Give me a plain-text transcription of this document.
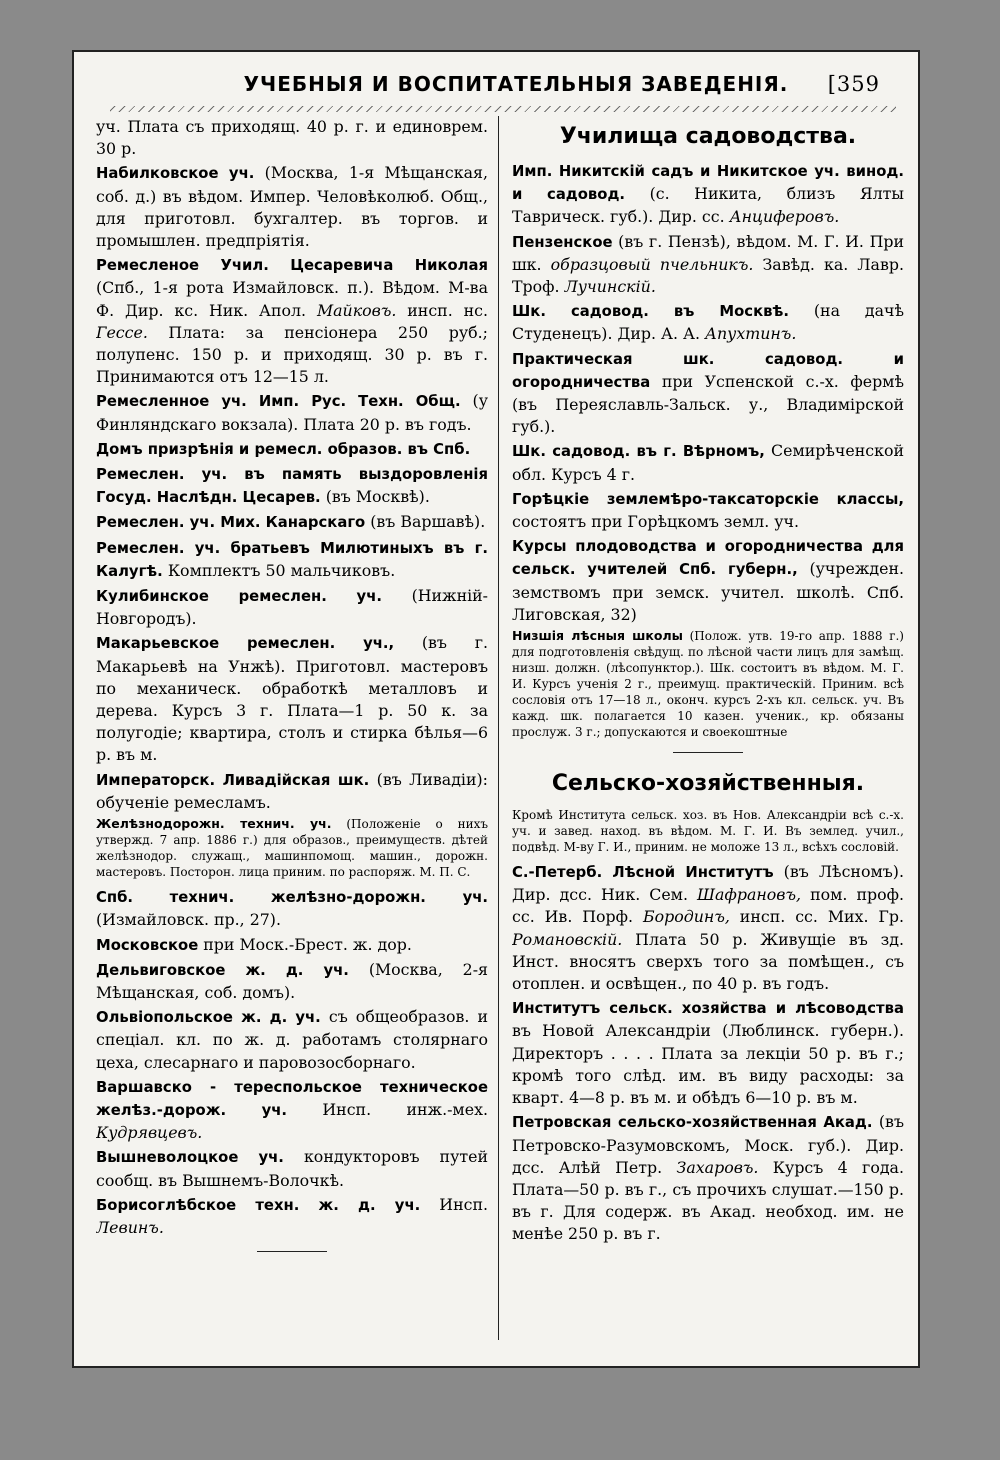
УЧЕБНЫЯ И ВОСПИТАТЕЛЬНЫЯ ЗАВЕДЕНІЯ. [359
уч. Плата съ приходящ. 40 р. г. и единоврем. 30 р.
Набилковское уч. (Москва, 1-я Мѣщанская, соб. д.) въ вѣдом. Импер. Человѣколюб. Общ., для приготовл. бухгалтер. въ торгов. и промышлен. предпріятія.
Ремесленое Учил. Цесаревича Николая (Спб., 1-я рота Измайловск. п.). Вѣдом. М-ва Ф. Дир. кс. Ник. Апол. Майковъ. инсп. нс. Гессе. Плата: за пенсіонера 250 руб.; полупенс. 150 р. и приходящ. 30 р. въ г. Принимаются отъ 12—15 л.
Ремесленное уч. Имп. Рус. Техн. Общ. (у Финляндскаго вокзала). Плата 20 р. въ годъ.
Домъ призрѣнія и ремесл. образов. въ Спб.
Ремеслен. уч. въ память выздоровленія Госуд. Наслѣдн. Цесарев. (въ Москвѣ).
Ремеслен. уч. Мих. Канарскаго (въ Варшавѣ).
Ремеслен. уч. братьевъ Милютиныхъ въ г. Калугѣ. Комплектъ 50 мальчиковъ.
Кулибинское ремеслен. уч. (Нижній-Новгородъ).
Макарьевское ремеслен. уч., (въ г. Макарьевѣ на Унжѣ). Приготовл. мастеровъ по механическ. обработкѣ металловъ и дерева. Курсъ 3 г. Плата—1 р. 50 к. за полугодіе; квартира, столъ и стирка бѣлья—6 р. въ м.
Императорск. Ливадійская шк. (въ Ливадіи): обученіе ремесламъ.
Желѣзнодорожн. технич. уч. (Положеніе о нихъ утвержд. 7 апр. 1886 г.) для образов., преимуществ. дѣтей желѣзнодор. служащ., машинпомощ. машин., дорожн. мастеровъ. Посторон. лица приним. по распоряж. М. П. С.
Спб. технич. желѣзно-дорожн. уч. (Измайловск. пр., 27).
Московское при Моск.-Брест. ж. дор.
Дельвиговское ж. д. уч. (Москва, 2-я Мѣщанская, соб. домъ).
Ольвіопольское ж. д. уч. съ общеобразов. и спеціал. кл. по ж. д. работамъ столярнаго цеха, слесарнаго и паровозосборнаго.
Варшавско - тереспольское техническое желѣз.-дорож. уч. Инсп. инж.-мех. Кудрявцевъ.
Вышневолоцкое уч. кондукторовъ путей сообщ. въ Вышнемъ-Волочкѣ.
Борисоглѣбское техн. ж. д. уч. Инсп. Левинъ.
Училища садоводства.
Имп. Никитскій садъ и Никитское уч. винод. и садовод. (с. Никита, близъ Ялты Таврическ. губ.). Дир. сс. Анциферовъ.
Пензенское (въ г. Пензѣ), вѣдом. М. Г. И. При шк. образцовый пчельникъ. Завѣд. ка. Лавр. Троф. Лучинскій.
Шк. садовод. въ Москвѣ. (на дачѣ Студенецъ). Дир. А. А. Апухтинъ.
Практическая шк. садовод. и огородничества при Успенской с.-х. фермѣ (въ Переяславль-Зальск. у., Владимірской губ.).
Шк. садовод. въ г. Вѣрномъ, Семирѣченской обл. Курсъ 4 г.
Горѣцкіе землемѣро-таксаторскіе классы, состоятъ при Горѣцкомъ земл. уч.
Курсы плодоводства и огородничества для сельск. учителей Спб. губерн., (учрежден. земствомъ при земск. учител. школѣ. Спб. Лиговская, 32)
Низшія лѣсныя школы (Полож. утв. 19-го апр. 1888 г.) для подготовленія свѣдущ. по лѣсной части лицъ для замѣщ. низш. должн. (лѣсопунктор.). Шк. состоитъ въ вѣдом. М. Г. И. Курсъ ученія 2 г., преимущ. практическій. Приним. всѣ сословія отъ 17—18 л., оконч. курсъ 2-хъ кл. сельск. уч. Въ кажд. шк. полагается 10 казен. ученик., кр. обязаны прослуж. 3 г.; допускаются и своекоштные
Сельско-хозяйственныя.
Кромѣ Института сельск. хоз. въ Нов. Александріи всѣ с.-х. уч. и завед. наход. въ вѣдом. М. Г. И. Въ землед. учил., подвѣд. М-ву Г. И., приним. не моложе 13 л., всѣхъ сословій.
С.-Петерб. Лѣсной Институтъ (въ Лѣсномъ). Дир. дсс. Ник. Сем. Шафрановъ, пом. проф. сс. Ив. Порф. Бородинъ, инсп. сс. Мих. Гр. Романовскій. Плата 50 р. Живущіе въ зд. Инст. вносятъ сверхъ того за помѣщен., съ отоплен. и освѣщен., по 40 р. въ годъ.
Институтъ сельск. хозяйства и лѣсоводства въ Новой Александріи (Люблинск. губерн.). Директоръ . . . . Плата за лекціи 50 р. въ г.; кромѣ того слѣд. им. въ виду расходы: за кварт. 4—8 р. въ м. и обѣдъ 6—10 р. въ м.
Петровская сельско-хозяйственная Акад. (въ Петровско-Разумовскомъ, Моск. губ.). Дир. дсс. Алѣй Петр. Захаровъ. Курсъ 4 года. Плата—50 р. въ г., съ прочихъ слушат.—150 р. въ г. Для содерж. въ Акад. необход. им. не менѣе 250 р. въ г.
